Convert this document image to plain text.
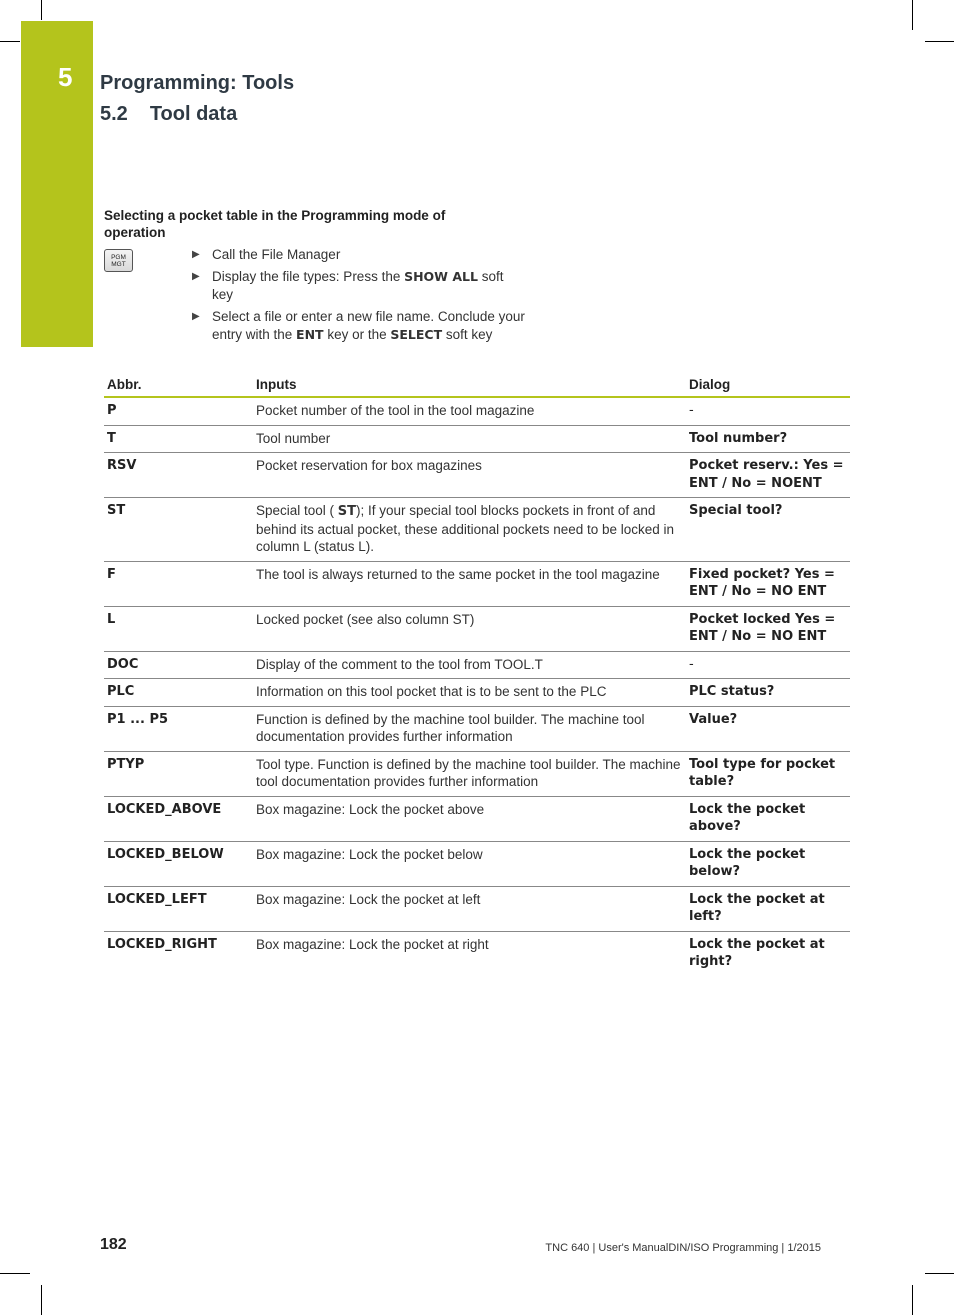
5 Programming: Tools
5.2 Tool data
Selecting a pocket table in the Programming mode of operation
PGM
MGT
▶ Call the File Manager
▶ Display the file types: Press the SHOW ALL soft key
▶ Select a file or enter a new file name. Conclude your entry with the ENT key or the SELECT soft key
Abbr.	Inputs	Dialog
P	Pocket number of the tool in the tool magazine	-
T	Tool number	Tool number?
RSV	Pocket reservation for box magazines	Pocket reserv.: Yes = ENT / No = NOENT
ST	Special tool ( ST); If your special tool blocks pockets in front of and behind its actual pocket, these additional pockets need to be locked in column L (status L).	Special tool?
F	The tool is always returned to the same pocket in the tool magazine	Fixed pocket? Yes = ENT / No = NO ENT
L	Locked pocket (see also column ST)	Pocket locked Yes = ENT / No = NO ENT
DOC	Display of the comment to the tool from TOOL.T	-
PLC	Information on this tool pocket that is to be sent to the PLC	PLC status?
P1 ... P5	Function is defined by the machine tool builder. The machine tool documentation provides further information	Value?
PTYP	Tool type. Function is defined by the machine tool builder. The machine tool documentation provides further information	Tool type for pocket table?
LOCKED_ABOVE	Box magazine: Lock the pocket above	Lock the pocket above?
LOCKED_BELOW	Box magazine: Lock the pocket below	Lock the pocket below?
LOCKED_LEFT	Box magazine: Lock the pocket at left	Lock the pocket at left?
LOCKED_RIGHT	Box magazine: Lock the pocket at right	Lock the pocket at right?
182	TNC 640 | User's ManualDIN/ISO Programming | 1/2015
